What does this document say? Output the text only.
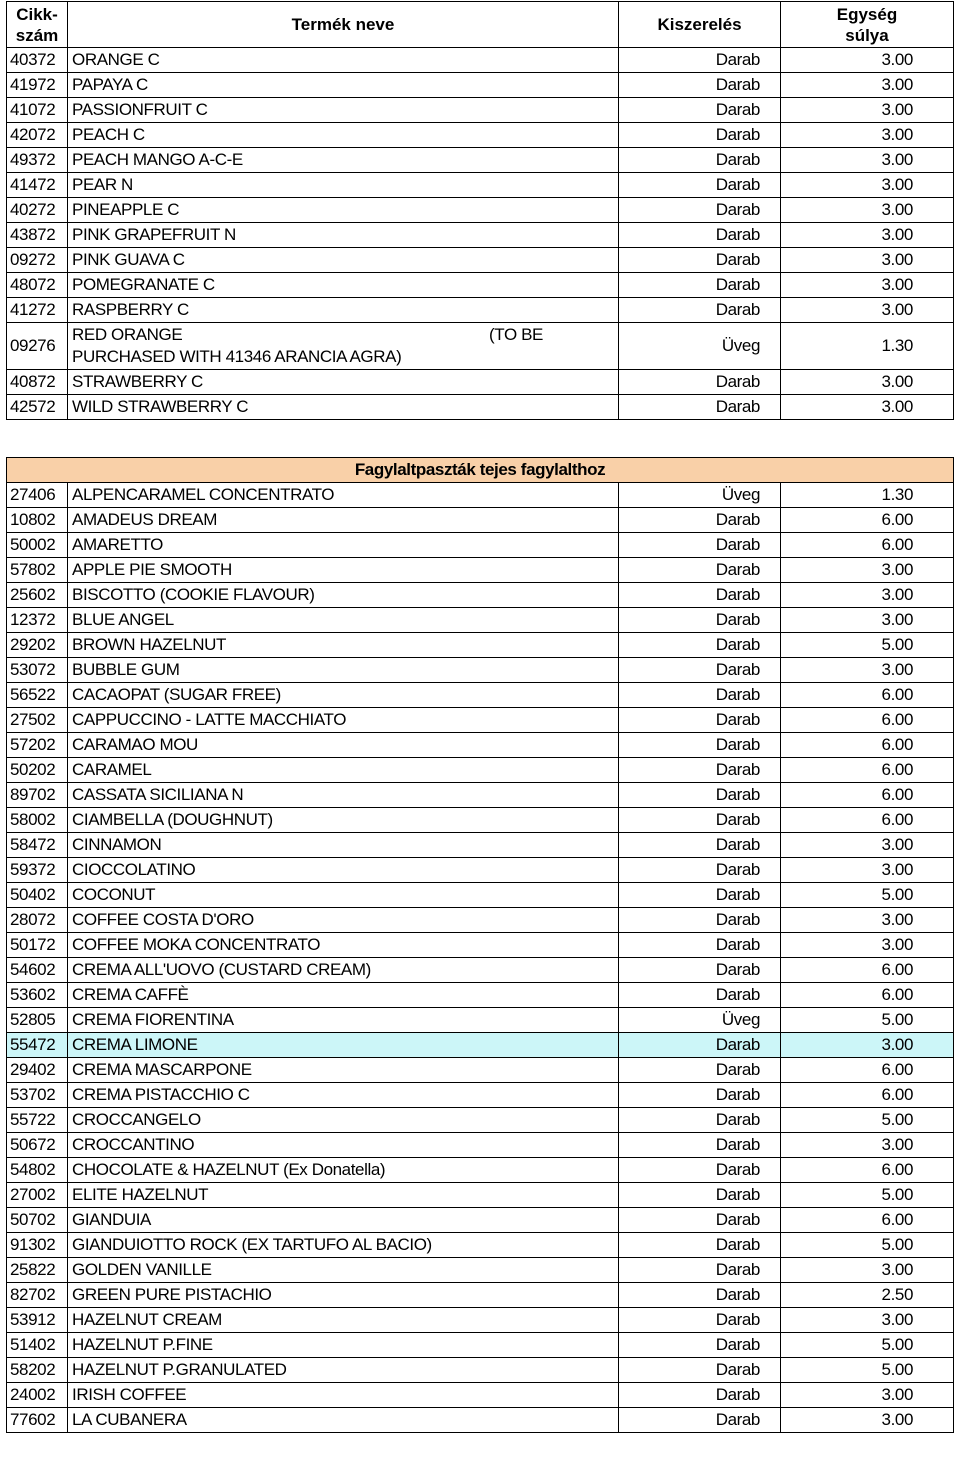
Cikk-
szám	Termék neve	Kiszerelés	Egység
súlya
40372	ORANGE C	Darab	3.00
41972	PAPAYA C	Darab	3.00
41072	PASSIONFRUIT C	Darab	3.00
42072	PEACH C	Darab	3.00
49372	PEACH MANGO A-C-E	Darab	3.00
41472	PEAR N	Darab	3.00
40272	PINEAPPLE C	Darab	3.00
43872	PINK GRAPEFRUIT N	Darab	3.00
09272	PINK GUAVA C	Darab	3.00
48072	POMEGRANATE C	Darab	3.00
41272	RASPBERRY C	Darab	3.00
09276	RED ORANGE (TO BE
PURCHASED WITH 41346 ARANCIA AGRA)	Üveg	1.30
40872	STRAWBERRY C	Darab	3.00
42572	WILD STRAWBERRY C	Darab	3.00
Fagylaltpaszták tejes fagylalthoz			
27406	ALPENCARAMEL CONCENTRATO	Üveg	1.30
10802	AMADEUS DREAM	Darab	6.00
50002	AMARETTO	Darab	6.00
57802	APPLE PIE SMOOTH	Darab	3.00
25602	BISCOTTO (COOKIE FLAVOUR)	Darab	3.00
12372	BLUE ANGEL	Darab	3.00
29202	BROWN HAZELNUT	Darab	5.00
53072	BUBBLE GUM	Darab	3.00
56522	CACAOPAT (SUGAR FREE)	Darab	6.00
27502	CAPPUCCINO - LATTE MACCHIATO	Darab	6.00
57202	CARAMAO MOU	Darab	6.00
50202	CARAMEL	Darab	6.00
89702	CASSATA SICILIANA N	Darab	6.00
58002	CIAMBELLA (DOUGHNUT)	Darab	6.00
58472	CINNAMON	Darab	3.00
59372	CIOCCOLATINO	Darab	3.00
50402	COCONUT	Darab	5.00
28072	COFFEE COSTA D'ORO	Darab	3.00
50172	COFFEE MOKA CONCENTRATO	Darab	3.00
54602	CREMA ALL'UOVO (CUSTARD CREAM)	Darab	6.00
53602	CREMA CAFFÈ	Darab	6.00
52805	CREMA FIORENTINA	Üveg	5.00
55472	CREMA LIMONE	Darab	3.00
29402	CREMA MASCARPONE	Darab	6.00
53702	CREMA PISTACCHIO C	Darab	6.00
55722	CROCCANGELO	Darab	5.00
50672	CROCCANTINO	Darab	3.00
54802	CHOCOLATE & HAZELNUT (Ex Donatella)	Darab	6.00
27002	ELITE HAZELNUT	Darab	5.00
50702	GIANDUIA	Darab	6.00
91302	GIANDUIOTTO ROCK (EX TARTUFO AL BACIO)	Darab	5.00
25822	GOLDEN VANILLE	Darab	3.00
82702	GREEN PURE PISTACHIO	Darab	2.50
53912	HAZELNUT CREAM	Darab	3.00
51402	HAZELNUT P.FINE	Darab	5.00
58202	HAZELNUT P.GRANULATED	Darab	5.00
24002	IRISH COFFEE	Darab	3.00
77602	LA CUBANERA	Darab	3.00
